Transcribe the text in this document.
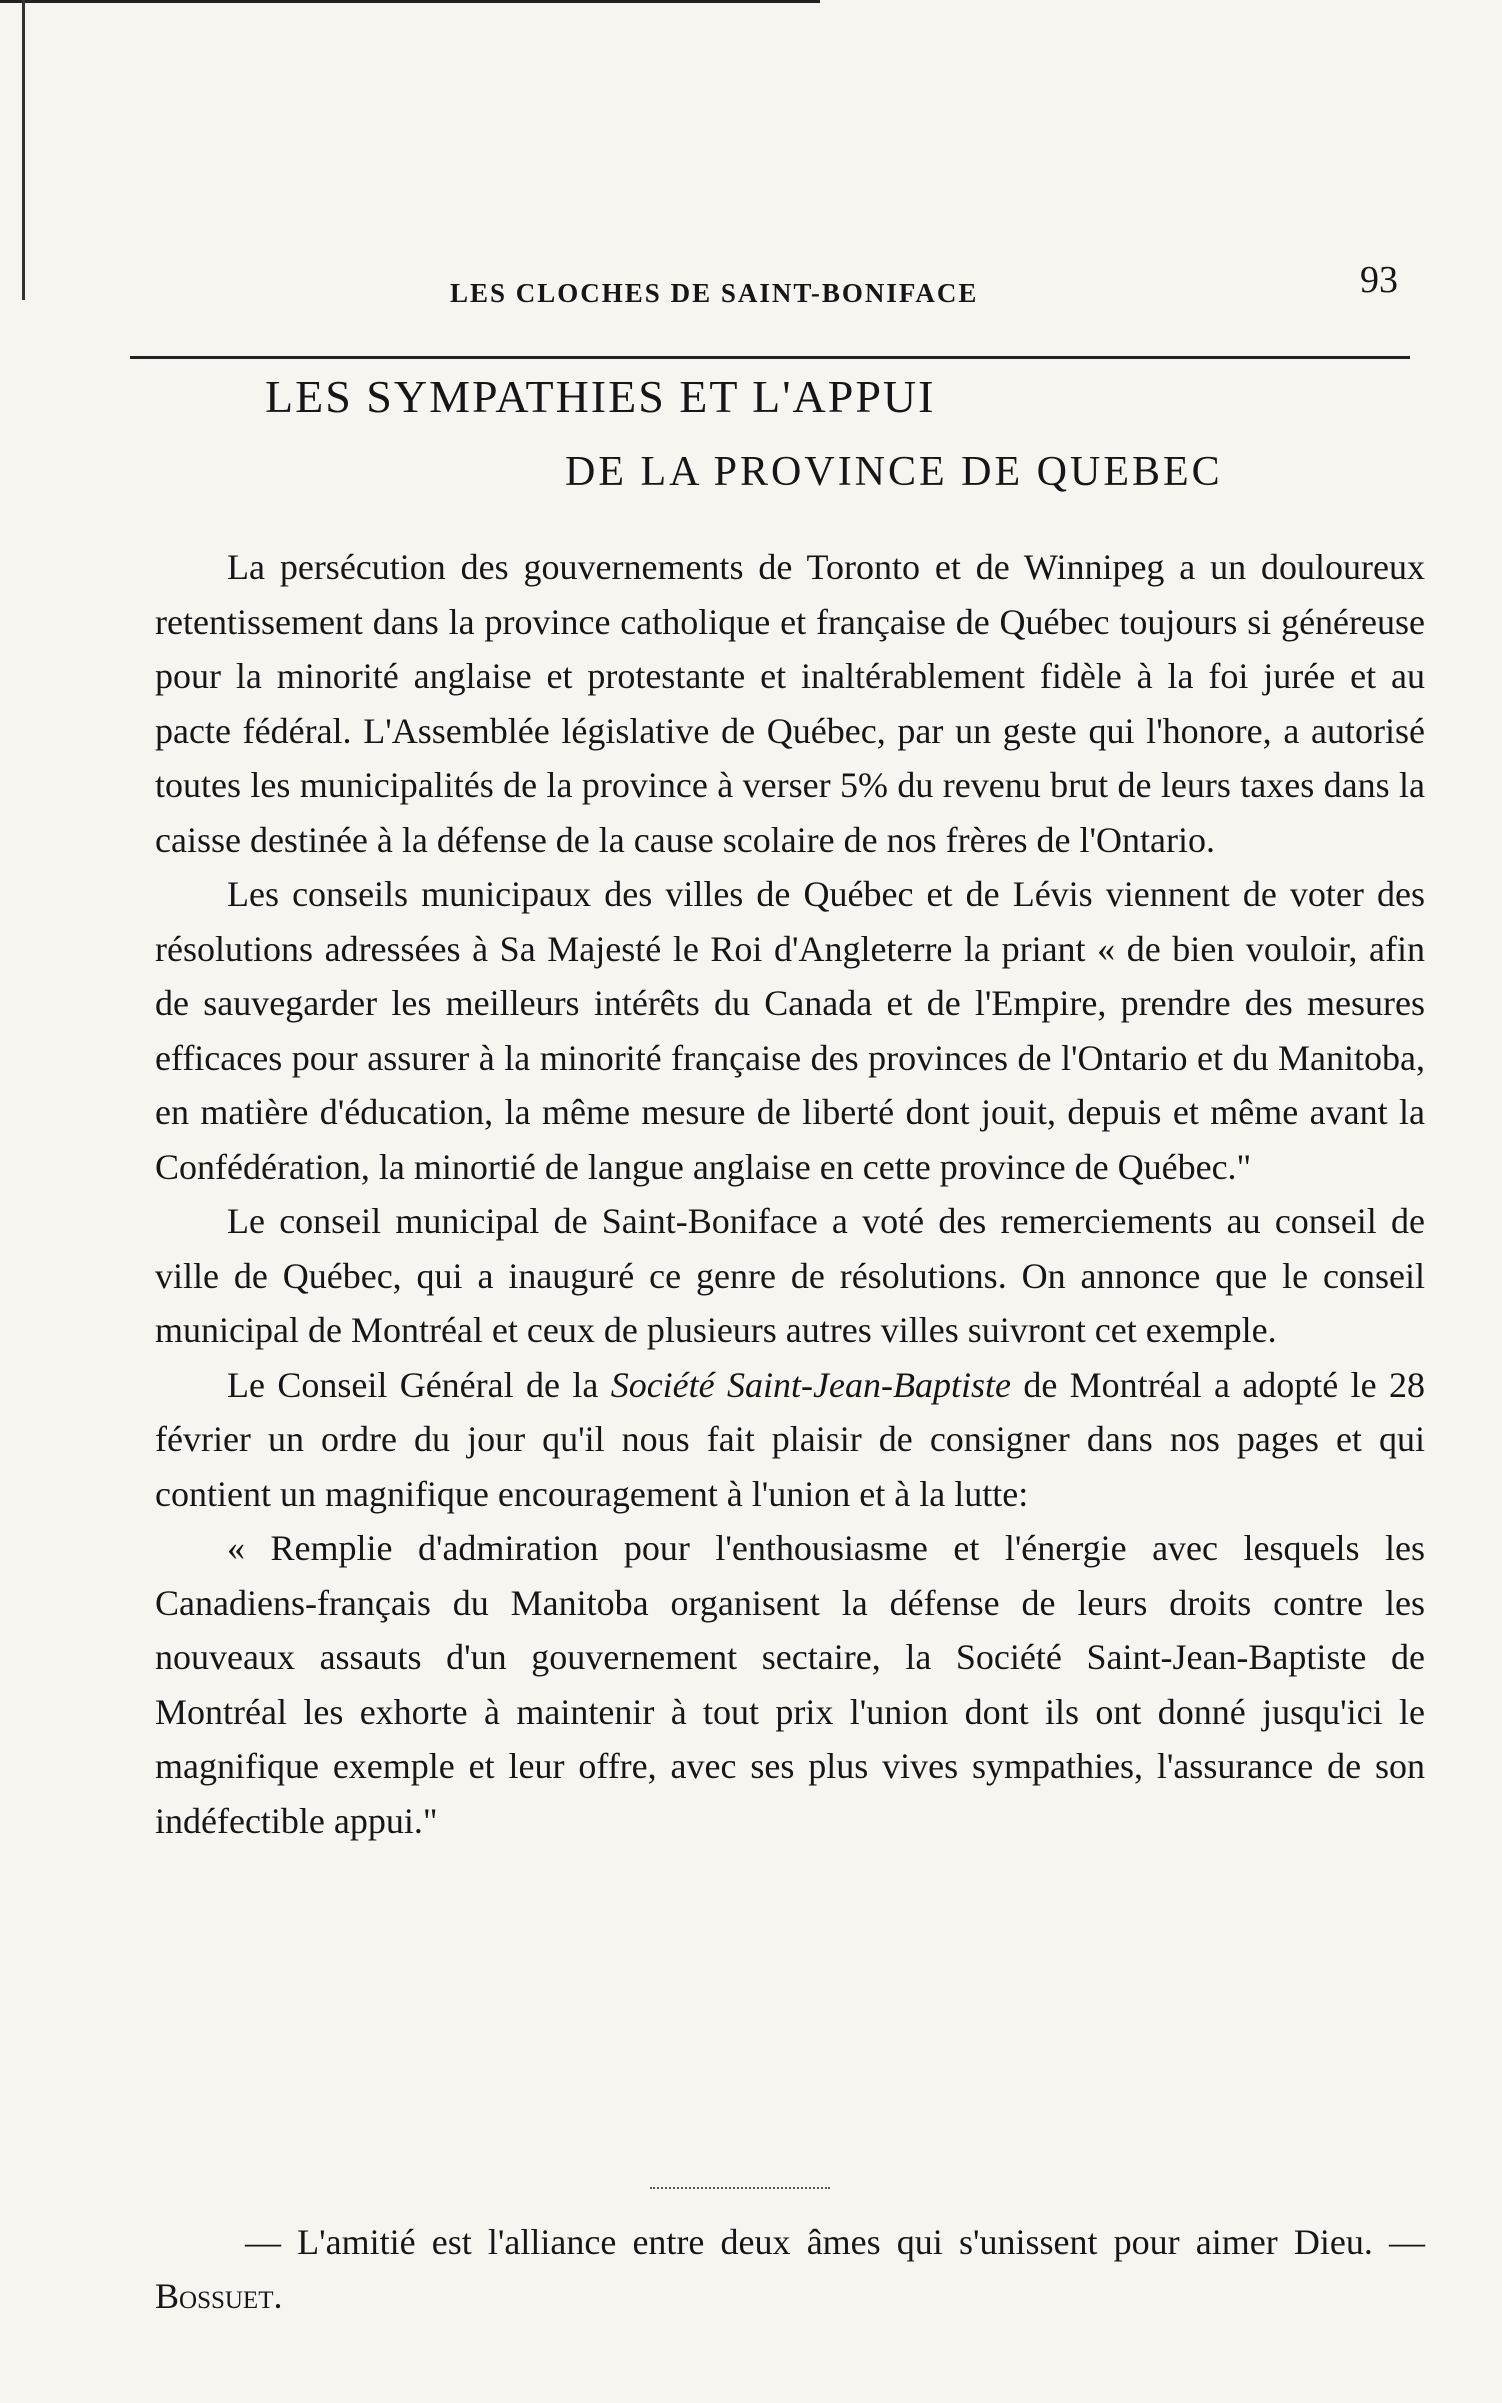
LES CLOCHES DE SAINT-BONIFACE	93
LES SYMPATHIES ET L'APPUI
DE LA PROVINCE DE QUEBEC

La persécution des gouvernements de Toronto et de Winnipeg a un douloureux retentissement dans la province catholique et française de Québec toujours si généreuse pour la minorité anglaise et protestante et inaltérablement fidèle à la foi jurée et au pacte fédéral. L'Assemblée législative de Québec, par un geste qui l'honore, a autorisé toutes les municipalités de la province à verser 5% du revenu brut de leurs taxes dans la caisse destinée à la défense de la cause scolaire de nos frères de l'Ontario.

Les conseils municipaux des villes de Québec et de Lévis viennent de voter des résolutions adressées à Sa Majesté le Roi d'Angleterre la priant « de bien vouloir, afin de sauvegarder les meilleurs intérêts du Canada et de l'Empire, prendre des mesures efficaces pour assurer à la minorité française des provinces de l'Ontario et du Manitoba, en matière d'éducation, la même mesure de liberté dont jouit, depuis et même avant la Confédération, la minortié de langue anglaise en cette province de Québec."

Le conseil municipal de Saint-Boniface a voté des remerciements au conseil de ville de Québec, qui a inauguré ce genre de résolutions. On annonce que le conseil municipal de Montréal et ceux de plusieurs autres villes suivront cet exemple.

Le Conseil Général de la Société Saint-Jean-Baptiste de Montréal a adopté le 28 février un ordre du jour qu'il nous fait plaisir de consigner dans nos pages et qui contient un magnifique encouragement à l'union et à la lutte:

« Remplie d'admiration pour l'enthousiasme et l'énergie avec lesquels les Canadiens-français du Manitoba organisent la défense de leurs droits contre les nouveaux assauts d'un gouvernement sectaire, la Société Saint-Jean-Baptiste de Montréal les exhorte à maintenir à tout prix l'union dont ils ont donné jusqu'ici le magnifique exemple et leur offre, avec ses plus vives sympathies, l'assurance de son indéfectible appui."

— L'amitié est l'alliance entre deux âmes qui s'unissent pour aimer Dieu. — Bossuet.
